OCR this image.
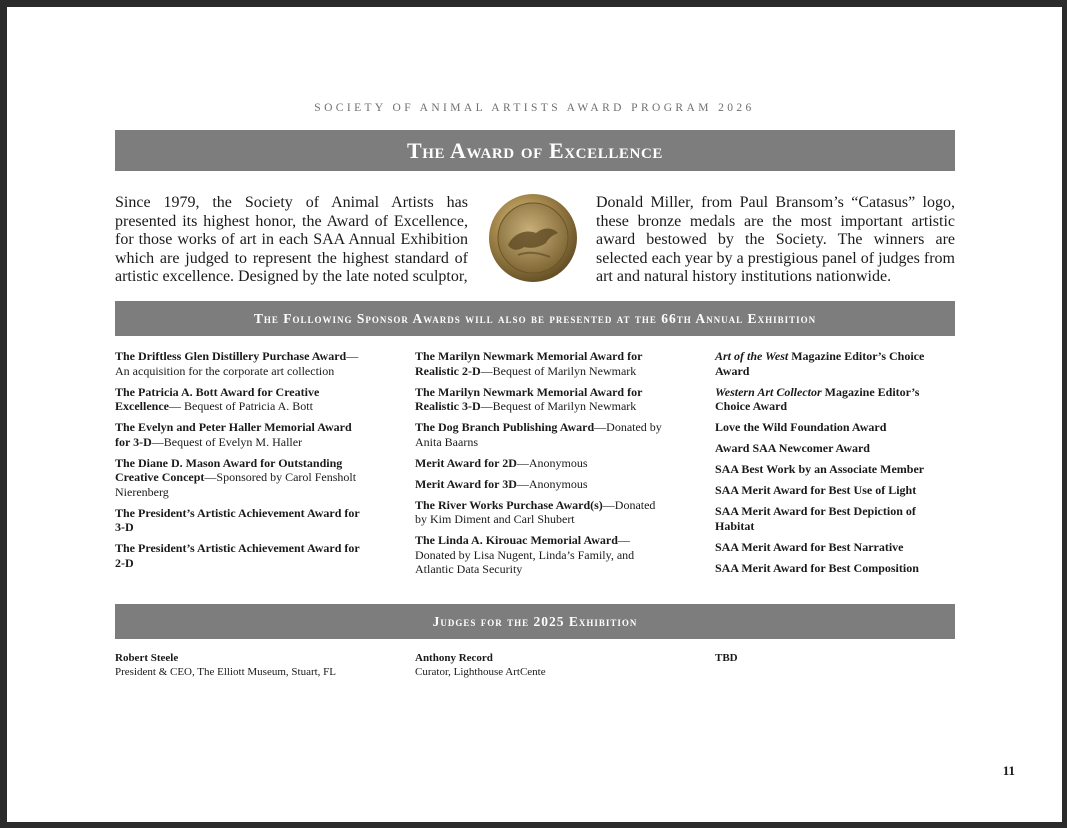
SOCIETY OF ANIMAL ARTISTS AWARD PROGRAM 2026
The Award of Excellence
Since 1979, the Society of Animal Artists has presented its highest honor, the Award of Excellence, for those works of art in each SAA Annual Exhibition which are judged to represent the highest standard of artistic excellence. Designed by the late noted sculptor,
Donald Miller, from Paul Bransom’s “Catasus” logo, these bronze medals are the most important artistic award bestowed by the Society. The winners are selected each year by a prestigious panel of judges from art and natural history institutions nationwide.
The Following Sponsor Awards will also be presented at the 66th Annual Exhibition
The Driftless Glen Distillery Purchase Award—An acquisition for the corporate art collection
The Patricia A. Bott Award for Creative Excellence— Bequest of Patricia A. Bott
The Evelyn and Peter Haller Memorial Award for 3-D—Bequest of Evelyn M. Haller
The Diane D. Mason Award for Outstanding Creative Concept—Sponsored by Carol Fensholt Nierenberg
The President’s Artistic Achievement Award for 3-D
The President’s Artistic Achievement Award for 2-D
The Marilyn Newmark Memorial Award for Realistic 2-D—Bequest of Marilyn Newmark
The Marilyn Newmark Memorial Award for Realistic 3-D—Bequest of Marilyn Newmark
The Dog Branch Publishing Award—Donated by Anita Baarns
Merit Award for 2D—Anonymous
Merit Award for 3D—Anonymous
The River Works Purchase Award(s)—Donated by Kim Diment and Carl Shubert
The Linda A. Kirouac Memorial Award—Donated by Lisa Nugent, Linda’s Family, and Atlantic Data Security
Art of the West Magazine Editor’s Choice Award
Western Art Collector Magazine Editor’s Choice Award
Love the Wild Foundation Award
Award SAA Newcomer Award
SAA Best Work by an Associate Member
SAA Merit Award for Best Use of Light
SAA Merit Award for Best Depiction of Habitat
SAA Merit Award for Best Narrative
SAA Merit Award for Best Composition
Judges for the 2025 Exhibition
Robert Steele
President & CEO, The Elliott Museum, Stuart, FL
Anthony Record
Curator, Lighthouse ArtCente
TBD
11
